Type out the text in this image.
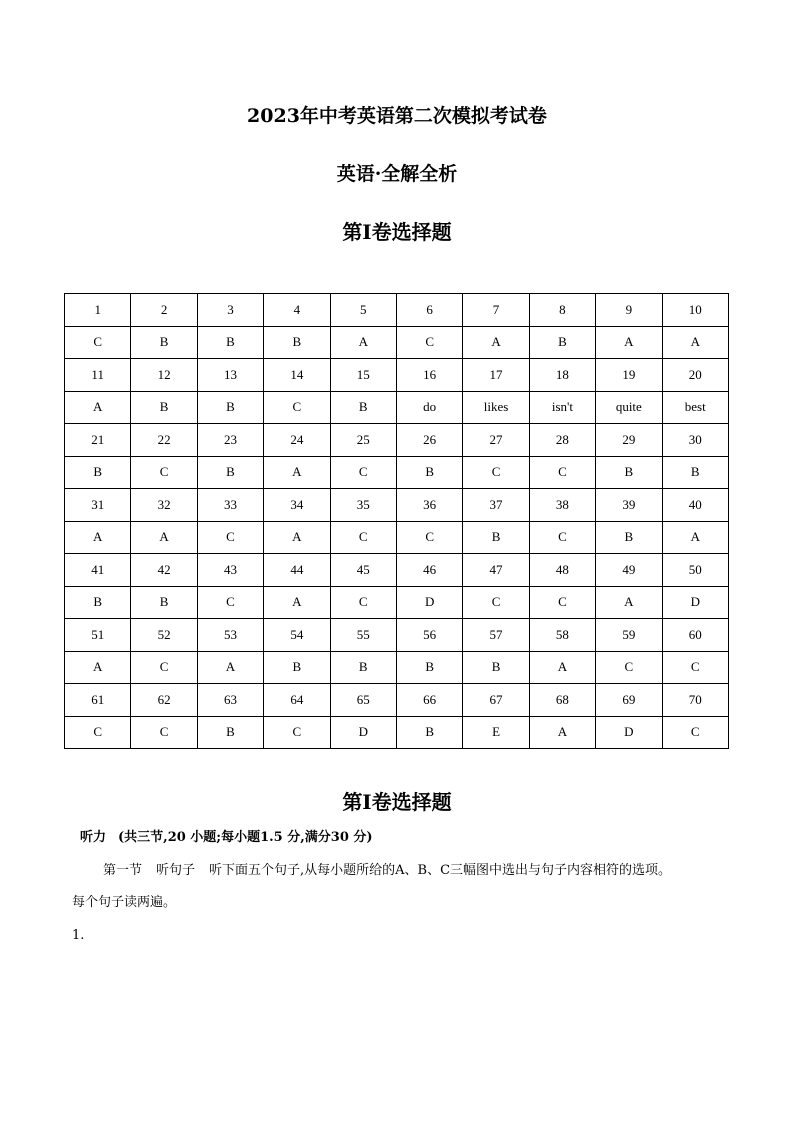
2023年中考英语第二次模拟考试卷
英语·全解全析
第Ⅰ卷选择题
1	2	3	4	5	6	7	8	9	10
C	B	B	B	A	C	A	B	A	A
11	12	13	14	15	16	17	18	19	20
A	B	B	C	B	do	likes	isn't	quite	best
21	22	23	24	25	26	27	28	29	30
B	C	B	A	C	B	C	C	B	B
31	32	33	34	35	36	37	38	39	40
A	A	C	A	C	C	B	C	B	A
41	42	43	44	45	46	47	48	49	50
B	B	C	A	C	D	C	C	A	D
51	52	53	54	55	56	57	58	59	60
A	C	A	B	B	B	B	A	C	C
61	62	63	64	65	66	67	68	69	70
C	C	B	C	D	B	E	A	D	C
第Ⅰ卷选择题

听力 (共三节,20 小题;每小题1.5 分,满分30 分)

第一节 听句子 听下面五个句子,从每小题所给的A、B、C三幅图中选出与句子内容相符的选项。

每个句子读两遍。

1.
